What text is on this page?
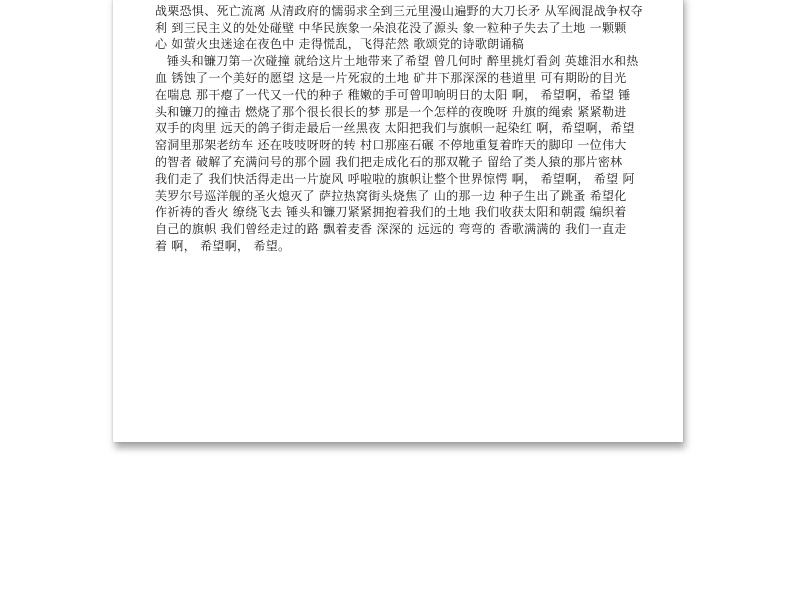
战栗恐惧、死亡流离 从清政府的懦弱求全到三元里漫山遍野的大刀长矛 从军阀混战争权夺
利 到三民主义的处处碰壁 中华民族象一朵浪花没了源头 象一粒种子失去了土地 一颗颗
心 如萤火虫迷途在夜色中 走得慌乱，飞得茫然 歌颂党的诗歌朗诵稿
锤头和镰刀第一次碰撞 就给这片土地带来了希望 曾几何时 醉里挑灯看剑 英雄泪水和热
血 锈蚀了一个美好的愿望 这是一片死寂的土地 矿井下那深深的巷道里 可有期盼的目光
在喘息 那干瘪了一代又一代的种子 稚嫩的手可曾叩响明日的太阳 啊， 希望啊，希望 锤
头和镰刀的撞击 燃烧了那个很长很长的梦 那是一个怎样的夜晚呀 升旗的绳索 紧紧勒进
双手的肉里 远天的鸽子街走最后一丝黑夜 太阳把我们与旗帜一起染红 啊，希望啊，希望
窑洞里那架老纺车 还在吱吱呀呀的转 村口那座石碾 不停地重复着昨天的脚印 一位伟大
的智者 破解了充满问号的那个圆 我们把走成化石的那双靴子 留给了类人猿的那片密林
我们走了 我们快活得走出一片旋风 呼啦啦的旗帜让整个世界惊愕 啊， 希望啊， 希望 阿
芙罗尔号巡洋舰的圣火熄灭了 萨拉热窝街头烧焦了 山的那一边 种子生出了跳蚤 希望化
作祈祷的香火 缭绕飞去 锤头和镰刀紧紧拥抱着我们的土地 我们收获太阳和朝霞 编织着
自己的旗帜 我们曾经走过的路 飘着麦香 深深的 远远的 弯弯的 香歌满满的 我们一直走
着 啊， 希望啊， 希望。
